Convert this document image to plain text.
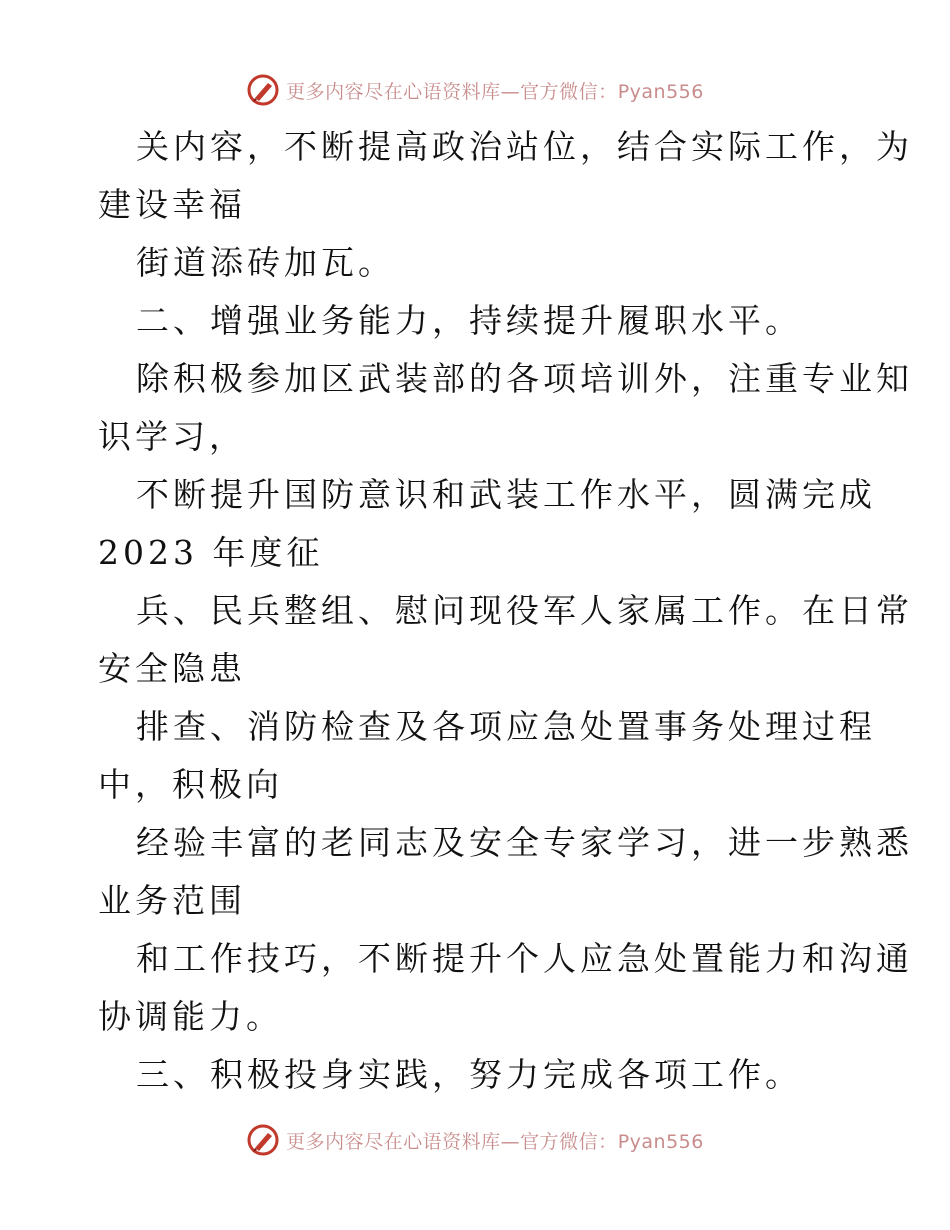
更多内容尽在心语资料库—官方微信：Pyan556

关内容，不断提高政治站位，结合实际工作，为

建设幸福

街道添砖加瓦。

二、增强业务能力，持续提升履职水平。

除积极参加区武装部的各项培训外，注重专业知

识学习，

不断提升国防意识和武装工作水平，圆满完成

2023 年度征

兵、民兵整组、慰问现役军人家属工作。在日常

安全隐患

排查、消防检查及各项应急处置事务处理过程

中，积极向

经验丰富的老同志及安全专家学习，进一步熟悉

业务范围

和工作技巧，不断提升个人应急处置能力和沟通

协调能力。

三、积极投身实践，努力完成各项工作。

更多内容尽在心语资料库—官方微信：Pyan556
